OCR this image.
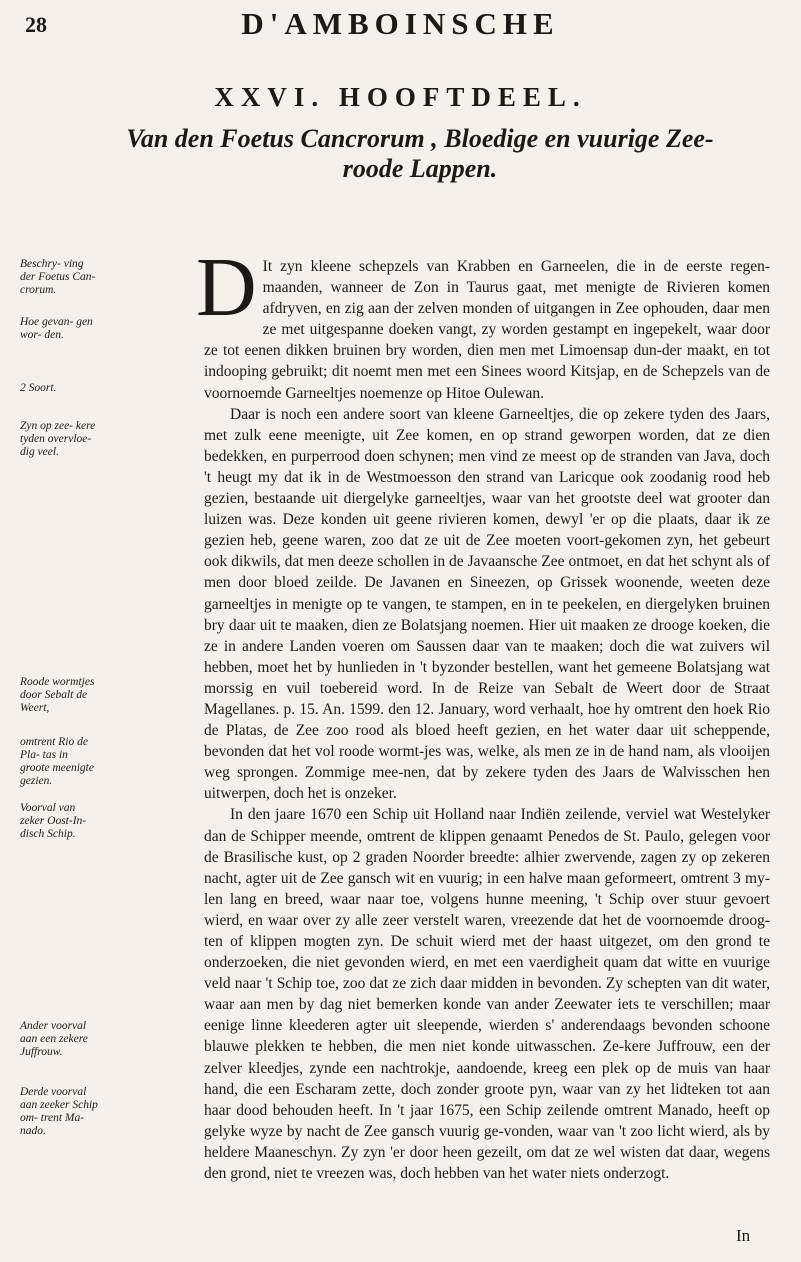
28	D'AMBOINSCHE
XXVI. HOOFTDEEL.
Van den Foetus Cancrorum , Bloedige en vuurige Zee-
roode Lappen.
Beschry- ving der Foetus Can- crorum.
Hoe gevan- gen wor- den.
2 Soort.
Zyn op zee- kere tyden overvloe- dig veel.
Roode wormtjes door Sebalt de Weert,
omtrent Rio de Pla- tas in groote meenigte gezien.
Voorval van zeker Oost-In- disch Schip.
Ander voorval aan een zekere Juffrouw.
Derde voorval aan zeeker Schip om- trent Ma- nado.

D It zyn kleene schepzels van Krabben en Garneelen, die in de eerste regen-maanden, wanneer de Zon in Taurus gaat, met menigte de Rivieren komen afdryven, en zig aan der zelven monden of uitgangen in Zee ophouden, daar men ze met uitgespanne doeken vangt, zy worden gestampt en ingepekelt, waar door ze tot eenen dikken bruinen bry worden, dien men met Limoensap dun-der maakt, en tot indooping gebruikt; dit noemt men met een Sinees woord Kitsjap, en de Schepzels van de voornoemde Garneeltjes noemenze op Hitoe Oulewan.

Daar is noch een andere soort van kleene Garneeltjes, die op zekere tyden des Jaars, met zulk eene meenigte, uit Zee komen, en op strand geworpen worden, dat ze dien bedekken, en purperrood doen schynen; men vind ze meest op de stranden van Java, doch 't heugt my dat ik in de Westmoesson den strand van Laricque ook zoodanig rood heb gezien, bestaande uit diergelyke garneeltjes, waar van het grootste deel wat grooter dan luizen was. Deze konden uit geene rivieren komen, dewyl 'er op die plaats, daar ik ze gezien heb, geene waren, zoo dat ze uit de Zee moeten voort-gekomen zyn, het gebeurt ook dikwils, dat men deeze schollen in de Javaansche Zee ontmoet, en dat het schynt als of men door bloed zeilde. De Javanen en Sineezen, op Grissek woonende, weeten deze garneeltjes in menigte op te vangen, te stampen, en in te peekelen, en diergelyken bruinen bry daar uit te maaken, dien ze Bolatsjang noemen. Hier uit maaken ze drooge koeken, die ze in andere Landen voeren om Saussen daar van te maaken; doch die wat zuivers wil hebben, moet het by hunlieden in 't byzonder bestellen, want het gemeene Bolatsjang wat morssig en vuil toebereid word. In de Reize van Sebalt de Weert door de Straat Magellanes. p. 15. An. 1599. den 12. January, word verhaalt, hoe hy omtrent den hoek Rio de Platas, de Zee zoo rood als bloed heeft gezien, en het water daar uit scheppende, bevonden dat het vol roode wormt-jes was, welke, als men ze in de hand nam, als vlooijen weg sprongen. Zommige mee-nen, dat by zekere tyden des Jaars de Walvisschen hen uitwerpen, doch het is onzeker.

In den jaare 1670 een Schip uit Holland naar Indiën zeilende, verviel wat Westelyker dan de Schipper meende, omtrent de klippen genaamt Penedos de St. Paulo, gelegen voor de Brasilische kust, op 2 graden Noorder breedte: alhier zwervende, zagen zy op zekeren nacht, agter uit de Zee gansch wit en vuurig; in een halve maan geformeert, omtrent 3 my-len lang en breed, waar naar toe, volgens hunne meening, 't Schip over stuur gevoert wierd, en waar over zy alle zeer verstelt waren, vreezende dat het de voornoemde droog-ten of klippen mogten zyn. De schuit wierd met der haast uitgezet, om den grond te onderzoeken, die niet gevonden wierd, en met een vaerdigheit quam dat witte en vuurige veld naar 't Schip toe, zoo dat ze zich daar midden in bevonden. Zy schepten van dit water, waar aan men by dag niet bemerken konde van ander Zeewater iets te verschillen; maar eenige linne kleederen agter uit sleepende, wierden s' anderendaags bevonden schoone blauwe plekken te hebben, die men niet konde uitwasschen. Ze-kere Juffrouw, een der zelver kleedjes, zynde een nachtrokje, aandoende, kreeg een plek op de muis van haar hand, die een Escharam zette, doch zonder groote pyn, waar van zy het lidteken tot aan haar dood behouden heeft. In 't jaar 1675, een Schip zeilende omtrent Manado, heeft op gelyke wyze by nacht de Zee gansch vuurig ge-vonden, waar van 't zoo licht wierd, als by heldere Maaneschyn. Zy zyn 'er door heen gezeilt, om dat ze wel wisten dat daar, wegens den grond, niet te vreezen was, doch hebben van het water niets onderzogt.

In
